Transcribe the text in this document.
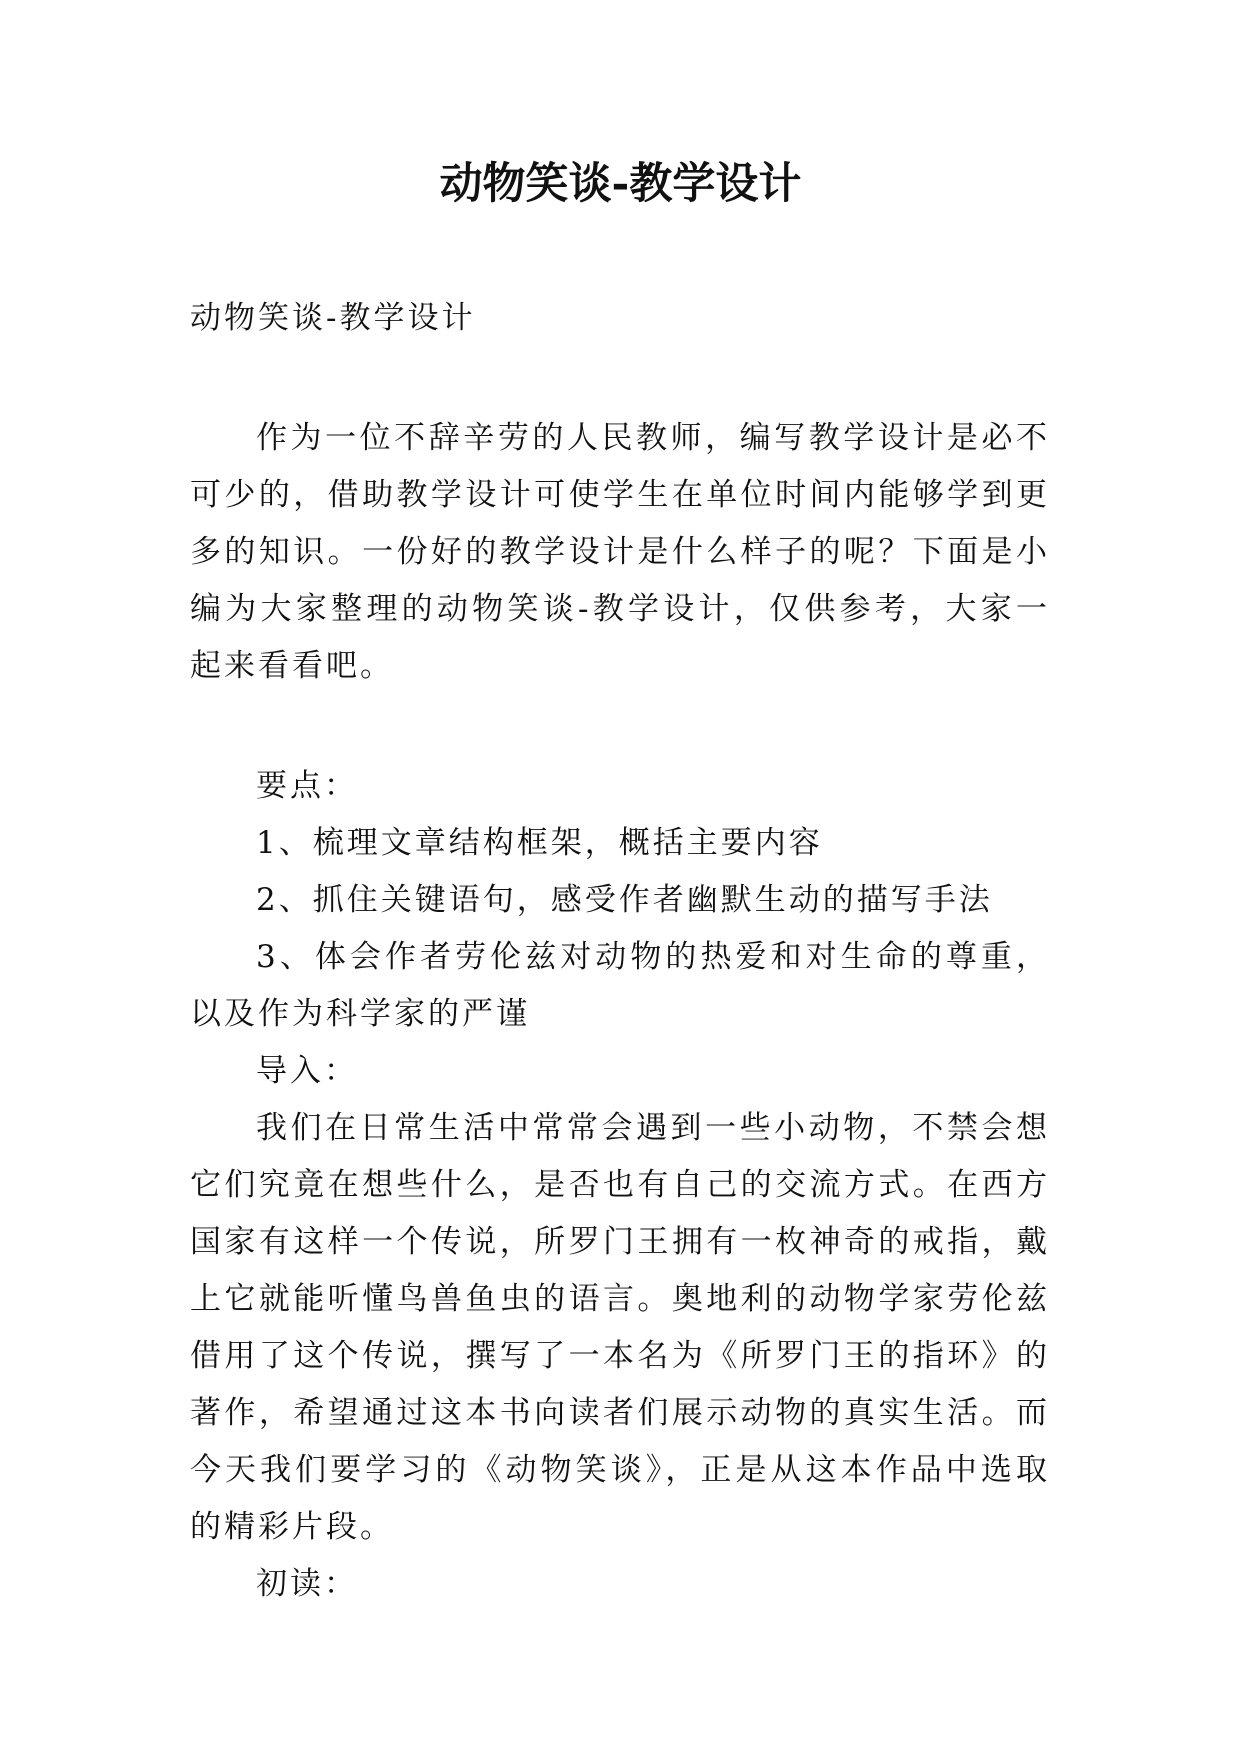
动物笑谈-教学设计

动物笑谈-教学设计

作为一位不辞辛劳的人民教师，编写教学设计是必不可少的，借助教学设计可使学生在单位时间内能够学到更多的知识。一份好的教学设计是什么样子的呢？下面是小编为大家整理的动物笑谈-教学设计，仅供参考，大家一起来看看吧。

要点：

1、梳理文章结构框架，概括主要内容

2、抓住关键语句，感受作者幽默生动的描写手法

3、体会作者劳伦兹对动物的热爱和对生命的尊重，以及作为科学家的严谨

导入：

我们在日常生活中常常会遇到一些小动物，不禁会想它们究竟在想些什么，是否也有自己的交流方式。在西方国家有这样一个传说，所罗门王拥有一枚神奇的戒指，戴上它就能听懂鸟兽鱼虫的语言。奥地利的动物学家劳伦兹借用了这个传说，撰写了一本名为《所罗门王的指环》的著作，希望通过这本书向读者们展示动物的真实生活。而今天我们要学习的《动物笑谈》，正是从这本作品中选取的精彩片段。

初读：
